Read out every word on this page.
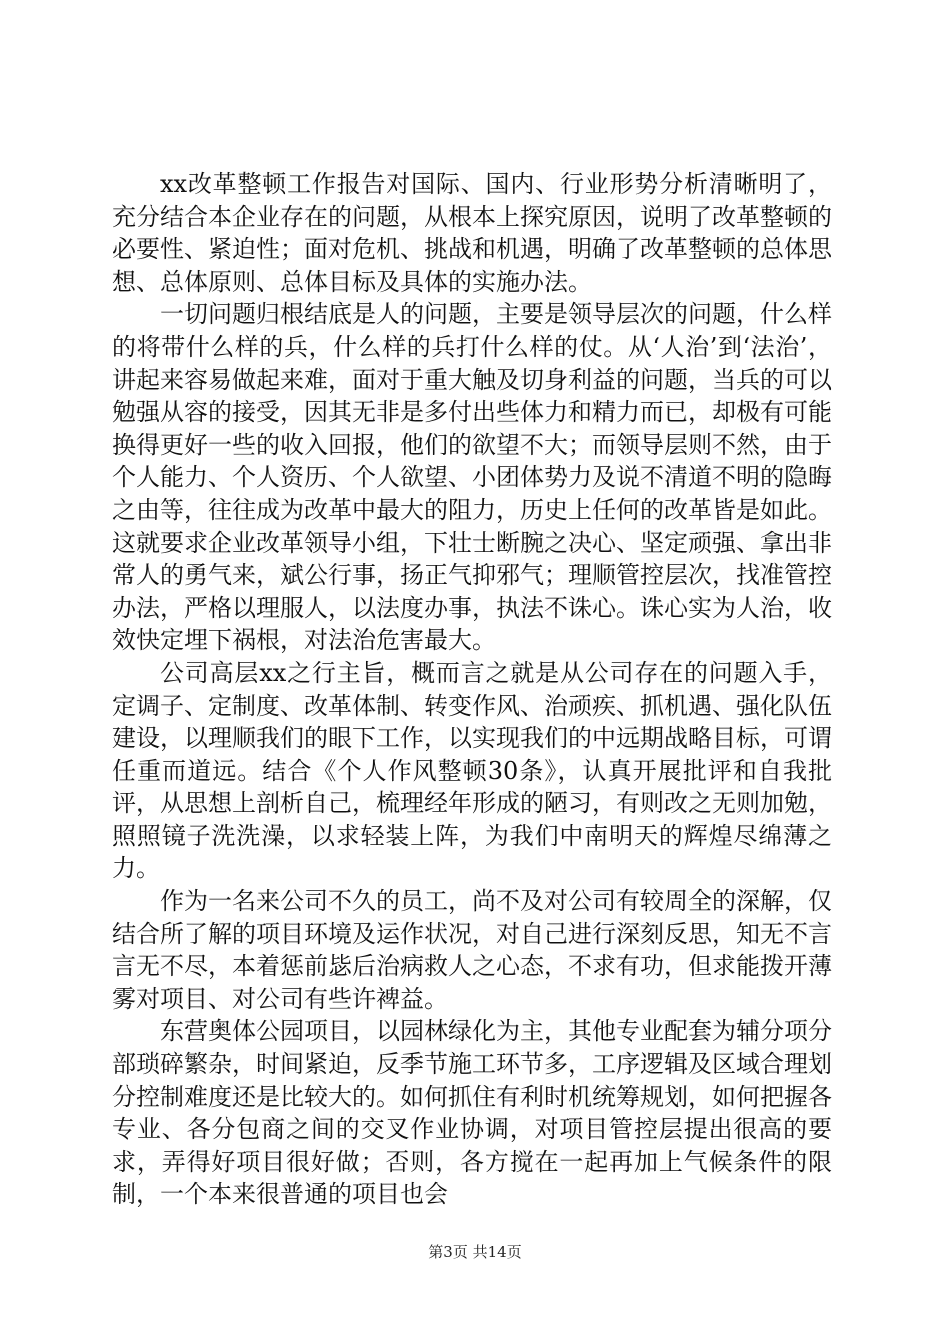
xx改革整顿工作报告对国际、国内、行业形势分析清晰明了，充分结合本企业存在的问题，从根本上探究原因，说明了改革整顿的必要性、紧迫性；面对危机、挑战和机遇，明确了改革整顿的总体思想、总体原则、总体目标及具体的实施办法。

一切问题归根结底是人的问题，主要是领导层次的问题，什么样的将带什么样的兵，什么样的兵打什么样的仗。从‘人治’到‘法治’，讲起来容易做起来难，面对于重大触及切身利益的问题，当兵的可以勉强从容的接受，因其无非是多付出些体力和精力而已，却极有可能换得更好一些的收入回报，他们的欲望不大；而领导层则不然，由于个人能力、个人资历、个人欲望、小团体势力及说不清道不明的隐晦之由等，往往成为改革中最大的阻力，历史上任何的改革皆是如此。这就要求企业改革领导小组，下壮士断腕之决心、坚定顽强、拿出非常人的勇气来，斌公行事，扬正气抑邪气；理顺管控层次，找准管控办法，严格以理服人，以法度办事，执法不诛心。诛心实为人治，收效快定埋下祸根，对法治危害最大。

公司高层xx之行主旨，概而言之就是从公司存在的问题入手，定调子、定制度、改革体制、转变作风、治顽疾、抓机遇、强化队伍建设，以理顺我们的眼下工作，以实现我们的中远期战略目标，可谓任重而道远。结合《个人作风整顿30条》，认真开展批评和自我批评，从思想上剖析自己，梳理经年形成的陋习，有则改之无则加勉，照照镜子洗洗澡，以求轻装上阵，为我们中南明天的辉煌尽绵薄之力。

作为一名来公司不久的员工，尚不及对公司有较周全的深解，仅结合所了解的项目环境及运作状况，对自己进行深刻反思，知无不言言无不尽，本着惩前毖后治病救人之心态，不求有功，但求能拨开薄雾对项目、对公司有些许裨益。

东营奥体公园项目，以园林绿化为主，其他专业配套为辅分项分部琐碎繁杂，时间紧迫，反季节施工环节多，工序逻辑及区域合理划分控制难度还是比较大的。如何抓住有利时机统筹规划，如何把握各专业、各分包商之间的交叉作业协调，对项目管控层提出很高的要求，弄得好项目很好做；否则，各方搅在一起再加上气候条件的限制，一个本来很普通的项目也会

第3页 共14页
